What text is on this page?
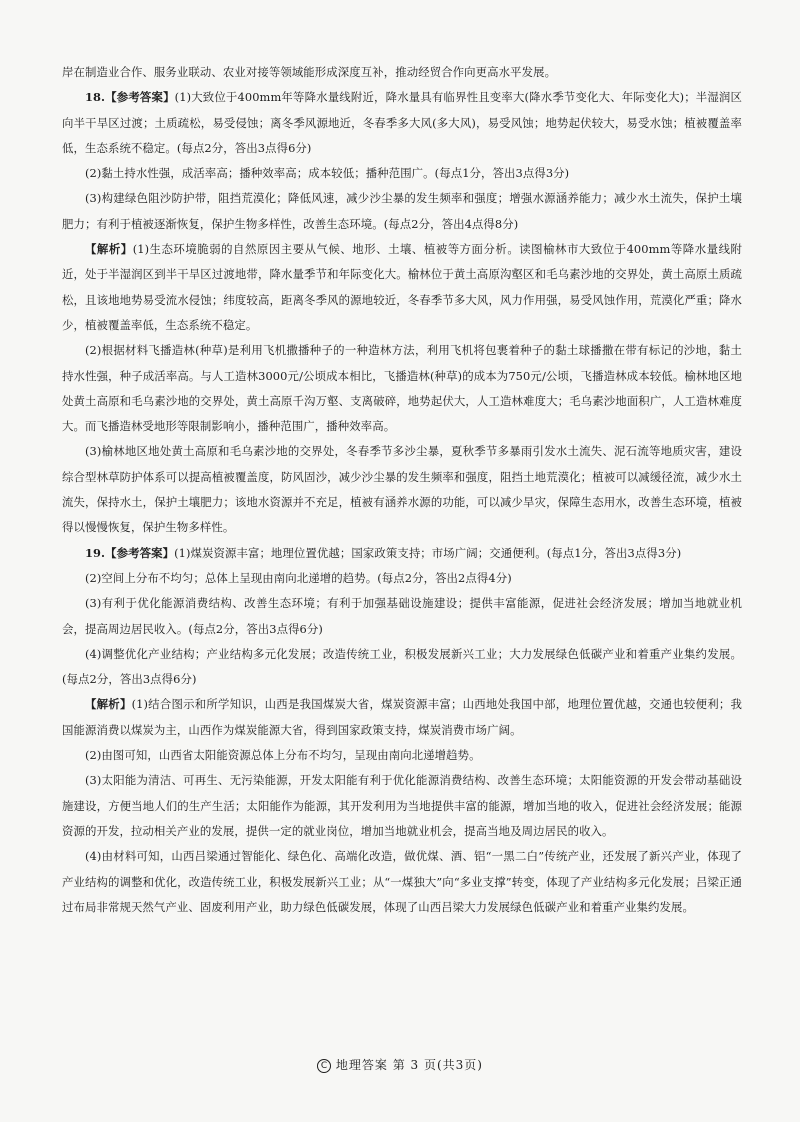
岸在制造业合作、服务业联动、农业对接等领域能形成深度互补，推动经贸合作向更高水平发展。

18.【参考答案】(1)大致位于400mm年等降水量线附近，降水量具有临界性且变率大(降水季节变化大、年际变化大)；半湿润区向半干旱区过渡；土质疏松，易受侵蚀；离冬季风源地近，冬春季多大风(多大风)，易受风蚀；地势起伏较大，易受水蚀；植被覆盖率低，生态系统不稳定。(每点2分，答出3点得6分)

(2)黏土持水性强，成活率高；播种效率高；成本较低；播种范围广。(每点1分，答出3点得3分)

(3)构建绿色阻沙防护带，阻挡荒漠化；降低风速，减少沙尘暴的发生频率和强度；增强水源涵养能力；减少水土流失，保护土壤肥力；有利于植被逐渐恢复，保护生物多样性，改善生态环境。(每点2分，答出4点得8分)

【解析】(1)生态环境脆弱的自然原因主要从气候、地形、土壤、植被等方面分析。读图榆林市大致位于400mm等降水量线附近，处于半湿润区到半干旱区过渡地带，降水量季节和年际变化大。榆林位于黄土高原沟壑区和毛乌素沙地的交界处，黄土高原土质疏松，且该地地势易受流水侵蚀；纬度较高，距离冬季风的源地较近，冬春季节多大风，风力作用强，易受风蚀作用，荒漠化严重；降水少，植被覆盖率低，生态系统不稳定。

(2)根据材料飞播造林(种草)是利用飞机撒播种子的一种造林方法，利用飞机将包裹着种子的黏土球播撒在带有标记的沙地，黏土持水性强，种子成活率高。与人工造林3000元/公顷成本相比，飞播造林(种草)的成本为750元/公顷，飞播造林成本较低。榆林地区地处黄土高原和毛乌素沙地的交界处，黄土高原千沟万壑、支离破碎，地势起伏大，人工造林难度大；毛乌素沙地面积广，人工造林难度大。而飞播造林受地形等限制影响小，播种范围广，播种效率高。

(3)榆林地区地处黄土高原和毛乌素沙地的交界处，冬春季节多沙尘暴，夏秋季节多暴雨引发水土流失、泥石流等地质灾害，建设综合型林草防护体系可以提高植被覆盖度，防风固沙，减少沙尘暴的发生频率和强度，阻挡土地荒漠化；植被可以减缓径流，减少水土流失，保持水土，保护土壤肥力；该地水资源并不充足，植被有涵养水源的功能，可以减少旱灾，保障生态用水，改善生态环境，植被得以慢慢恢复，保护生物多样性。

19.【参考答案】(1)煤炭资源丰富；地理位置优越；国家政策支持；市场广阔；交通便利。(每点1分，答出3点得3分)

(2)空间上分布不均匀；总体上呈现由南向北递增的趋势。(每点2分，答出2点得4分)

(3)有利于优化能源消费结构、改善生态环境；有利于加强基础设施建设；提供丰富能源，促进社会经济发展；增加当地就业机会，提高周边居民收入。(每点2分，答出3点得6分)

(4)调整优化产业结构；产业结构多元化发展；改造传统工业，积极发展新兴工业；大力发展绿色低碳产业和着重产业集约发展。(每点2分，答出3点得6分)

【解析】(1)结合图示和所学知识，山西是我国煤炭大省，煤炭资源丰富；山西地处我国中部，地理位置优越，交通也较便利；我国能源消费以煤炭为主，山西作为煤炭能源大省，得到国家政策支持，煤炭消费市场广阔。

(2)由图可知，山西省太阳能资源总体上分布不均匀，呈现由南向北递增趋势。

(3)太阳能为清洁、可再生、无污染能源，开发太阳能有利于优化能源消费结构、改善生态环境；太阳能资源的开发会带动基础设施建设，方便当地人们的生产生活；太阳能作为能源，其开发利用为当地提供丰富的能源，增加当地的收入，促进社会经济发展；能源资源的开发，拉动相关产业的发展，提供一定的就业岗位，增加当地就业机会，提高当地及周边居民的收入。

(4)由材料可知，山西吕梁通过智能化、绿色化、高端化改造，做优煤、酒、铝“一黑二白”传统产业，还发展了新兴产业，体现了产业结构的调整和优化，改造传统工业，积极发展新兴工业；从“一煤独大”向“多业支撑”转变，体现了产业结构多元化发展；吕梁正通过布局非常规天然气产业、固废利用产业，助力绿色低碳发展，体现了山西吕梁大力发展绿色低碳产业和着重产业集约发展。

C 地理答案 第 3 页(共3页)
